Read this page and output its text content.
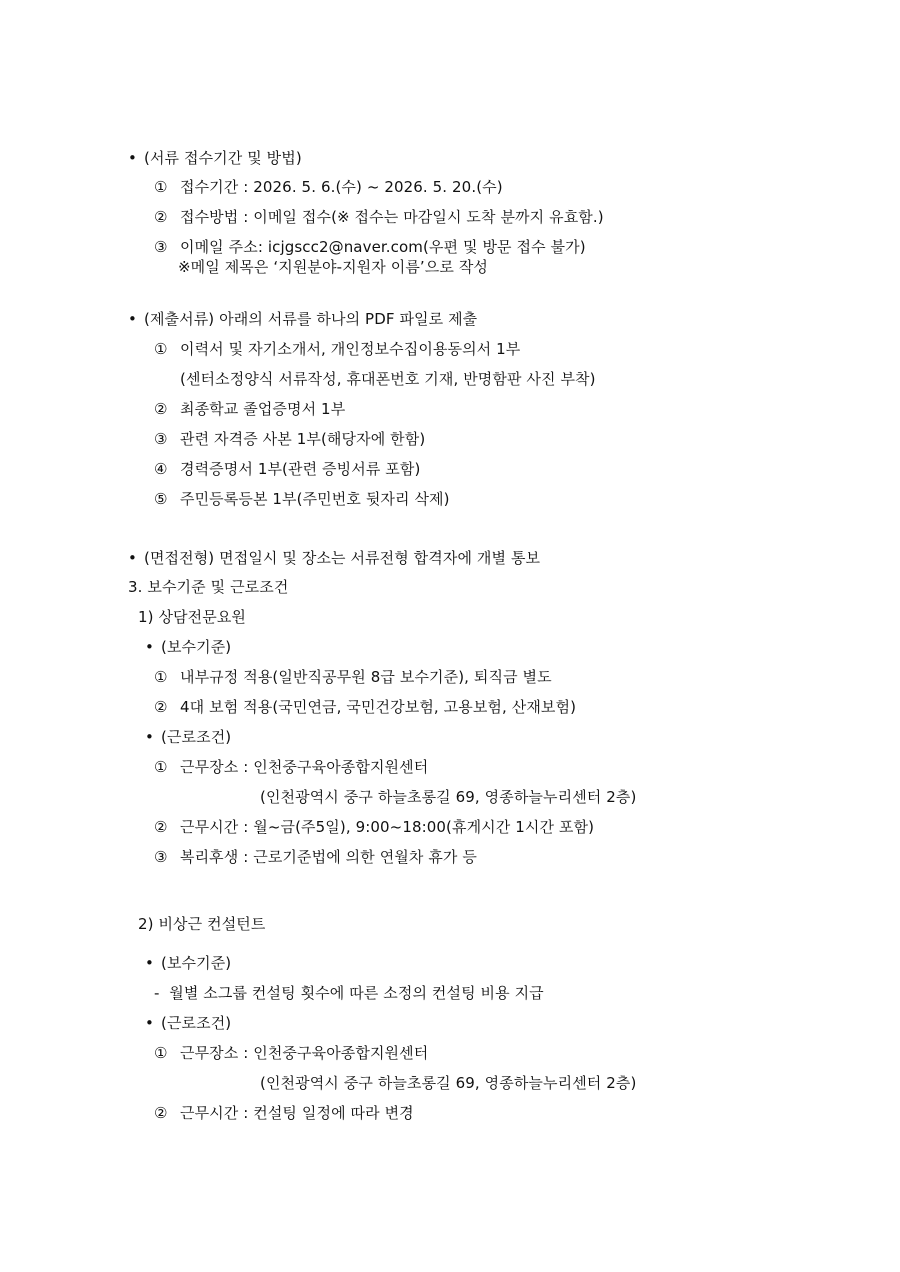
• (서류 접수기간 및 방법)
① 접수기간 : 2026. 5. 6.(수) ~ 2026. 5. 20.(수)
② 접수방법 : 이메일 접수(※ 접수는 마감일시 도착 분까지 유효함.)
③ 이메일 주소: icjgscc2@naver.com(우편 및 방문 접수 불가)
※메일 제목은 ‘지원분야-지원자 이름’으로 작성
• (제출서류) 아래의 서류를 하나의 PDF 파일로 제출
① 이력서 및 자기소개서, 개인정보수집이용동의서 1부
(센터소정양식 서류작성, 휴대폰번호 기재, 반명함판 사진 부착)
② 최종학교 졸업증명서 1부
③ 관련 자격증 사본 1부(해당자에 한함)
④ 경력증명서 1부(관련 증빙서류 포함)
⑤ 주민등록등본 1부(주민번호 뒷자리 삭제)
• (면접전형) 면접일시 및 장소는 서류전형 합격자에 개별 통보
3. 보수기준 및 근로조건
1) 상담전문요원
• (보수기준)
① 내부규정 적용(일반직공무원 8급 보수기준), 퇴직금 별도
② 4대 보험 적용(국민연금, 국민건강보험, 고용보험, 산재보험)
• (근로조건)
① 근무장소 : 인천중구육아종합지원센터
(인천광역시 중구 하늘초롱길 69, 영종하늘누리센터 2층)
② 근무시간 : 월~금(주5일), 9:00~18:00(휴게시간 1시간 포함)
③ 복리후생 : 근로기준법에 의한 연월차 휴가 등
2) 비상근 컨설턴트
• (보수기준)
-  월별 소그룹 컨설팅 횟수에 따른 소정의 컨설팅 비용 지급
• (근로조건)
① 근무장소 : 인천중구육아종합지원센터
(인천광역시 중구 하늘초롱길 69, 영종하늘누리센터 2층)
② 근무시간 : 컨설팅 일정에 따라 변경
